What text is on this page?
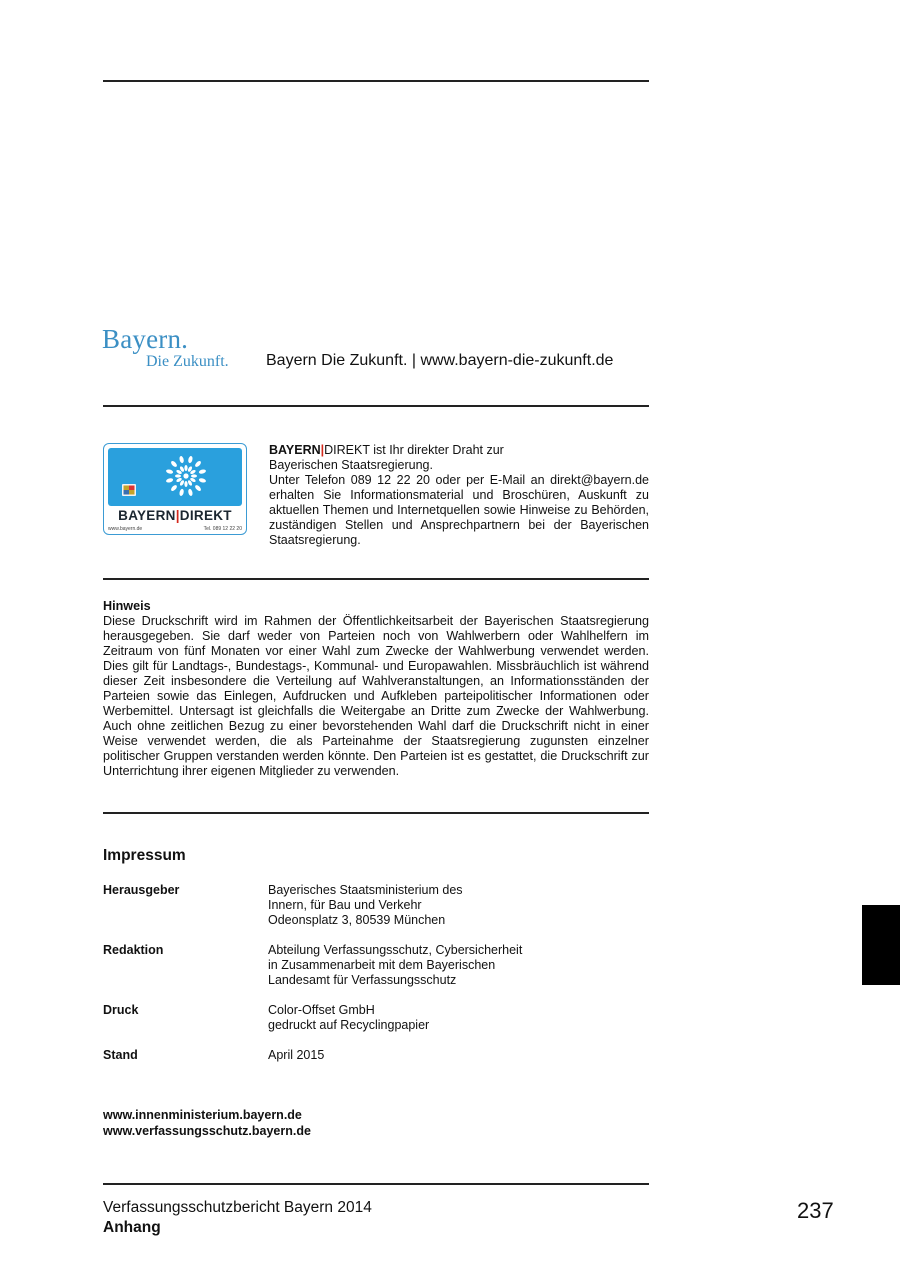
Bayern.
Die Zukunft. Bayern Die Zukunft. | www.bayern-die-zukunft.de
BAYERN|DIREKT
www.bayern.de	Tel. 089 12 22 20

BAYERN|DIREKT ist Ihr direkter Draht zur

Bayerischen Staatsregierung.

Unter Telefon 089 12 22 20 oder per E-Mail an direkt@bayern.de erhalten Sie Informationsmaterial und Broschüren, Auskunft zu aktuellen Themen und Internetquellen sowie Hinweise zu Behörden, zuständigen Stellen und Ansprechpartnern bei der Bayerischen Staatsregierung.

Hinweis

Diese Druckschrift wird im Rahmen der Öffentlichkeitsarbeit der Bayerischen Staatsregierung herausgegeben. Sie darf weder von Parteien noch von Wahlwerbern oder Wahlhelfern im Zeitraum von fünf Monaten vor einer Wahl zum Zwecke der Wahlwerbung verwendet werden. Dies gilt für Landtags-, Bundestags-, Kommunal- und Europawahlen. Missbräuchlich ist während dieser Zeit insbesondere die Verteilung auf Wahlveranstaltungen, an Informationsständen der Parteien sowie das Einlegen, Aufdrucken und Aufkleben parteipolitischer Informationen oder Werbemittel. Untersagt ist gleichfalls die Weitergabe an Dritte zum Zwecke der Wahlwerbung. Auch ohne zeitlichen Bezug zu einer bevorstehenden Wahl darf die Druckschrift nicht in einer Weise verwendet werden, die als Parteinahme der Staatsregierung zugunsten einzelner politischer Gruppen verstanden werden könnte. Den Parteien ist es gestattet, die Druckschrift zur Unterrichtung ihrer eigenen Mitglieder zu verwenden.

Impressum
Herausgeber	Bayerisches Staatsministerium des
Innern, für Bau und Verkehr
Odeonsplatz 3, 80539 München
Redaktion	Abteilung Verfassungsschutz, Cybersicherheit
in Zusammenarbeit mit dem Bayerischen
Landesamt für Verfassungsschutz
Druck	Color-Offset GmbH
gedruckt auf Recyclingpapier
Stand	April 2015
www.innenministerium.bayern.de
www.verfassungsschutz.bayern.de
Verfassungsschutzbericht Bayern 2014
Anhang
237
